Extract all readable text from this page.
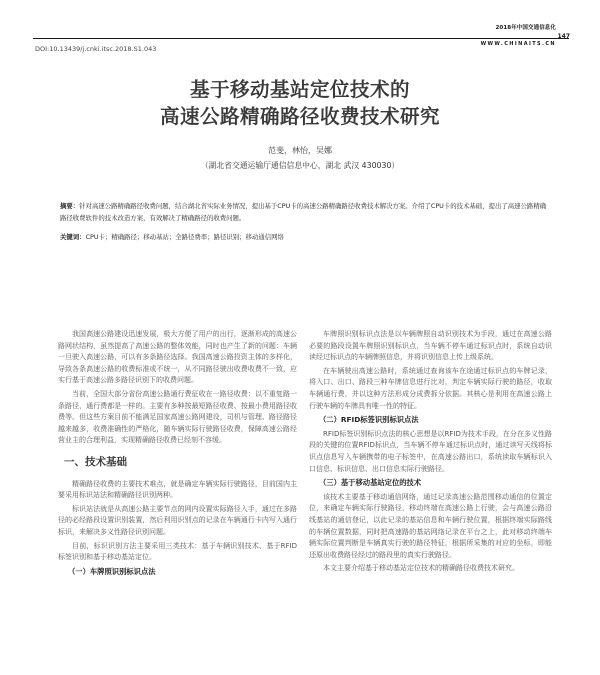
2018年中国交通信息化
147
WWW.CHINAITS.CN
DOI:10.13439/j.cnki.itsc.2018.S1.043
基于移动基站定位技术的
高速公路精确路径收费技术研究
范斐，林怡，吴娜
（湖北省交通运输厅通信信息中心，湖北 武汉 430030）
摘要：针对高速公路精确路径收费问题，结合湖北省实际业务情况，提出基于CPU卡的高速公路精确路径收费技术解决方案。介绍了CPU卡的技术基础，提出了高速公路精确路径收费软件的技术改造方案，有效解决了精确路径的收费问题。
关键词：CPU卡；精确路径；移动基站；全路径费率；路径识别；移动通信网络

我国高速公路建设迅速发展，极大方便了用户的出行，逐渐形成的高速公路网状结构，虽然提高了高速公路的整体效能，同时也产生了新的问题：车辆一旦驶入高速公路，可以有多条路径选择。我国高速公路投资主体的多样化，导致各条高速公路的收费标准或不统一，从不同路径驶出收费收费不一致，应实行基于高速公路多路径识别下的收费问题。

当前，全国大部分省份高速公路通行费征收在一路径收费：以不重复路一条路径，通行费都是一样的。主要有多种按最短路径收费、按最小费用路径收费等。但这些方案目前不能满足国家高速公路网建设，司机与管理、路径路径越来越多，收费准确性的严格化，随车辆实际行驶路径收费，保障高速公路经营业主的合理利益，实现精确路径收费已经刻不容缓。

一、技术基础

精确路径收费的主要技术难点，就是确定车辆实际行驶路径，目前国内主要采用标识站法和精确路径识别两种。

标识站法就是从高速公路主要节点的网内设置实际路径入手，通过在多路径的必经路段设置识别装置，然后利用识别点的记录在车辆通行卡内写入通行标识，来解决多义性路径识别问题。

目前，标识识别方法主要采用三类技术：基于车辆识别技术、基于RFID标签识别和基于移动基站定位。

（一）车牌照识别标识点法

车牌照识别标识点法是以车辆牌照自动识别技术为手段，通过在高速公路必要的路段设置车牌照识别标识点，当车辆不停车通过标识点时，系统自动识读经过标识点的车辆牌照信息，并将识别信息上传上级系统。

在车辆驶出高速公路时，系统通过查询该车在途通过标识点的车牌记录，将入口、出口、路段三种车牌信息进行比对，判定车辆实际行驶的路径，收取车辆通行费，并以这种方法形成分成费拆分依据。其核心是利用在高速公路上行驶车辆的车牌具有唯一性的特征。

（二）RFID标签识别标识点法

RFID标签识别标识点法的核心思想是以RFID为技术手段，在分在多义性路段的关键的位置RFID标识点，当车辆不停车通过标识点时，通过读写天线将标识点信息写入车辆携带的电子标签中，在高速公路出口，系统读取车辆标识入口信息、标识信息、出口信息实际行驶路径。

（三）基于移动基站定位的技术

该技术主要基于移动通信网络，通过记录高速公路范围移动通信的位置定位，来确定车辆实际行驶路径，移动终端在高速公路上行驶，会与高速公路沿线基站的通信登记，以此记录的基站信息和车辆行驶位置，根据终端实际路线的车辆位置数据，同时把高速路的基站网络记录在平台之上，此对移动终端车辆实际位置判断是车辆真实行驶的路径特征，根据所采集的对应的坐标，即能还原出收费路径经过的路段里的真实行驶路径。

本文主要介绍基于移动基站定位技术的精确路径收费技术研究。
